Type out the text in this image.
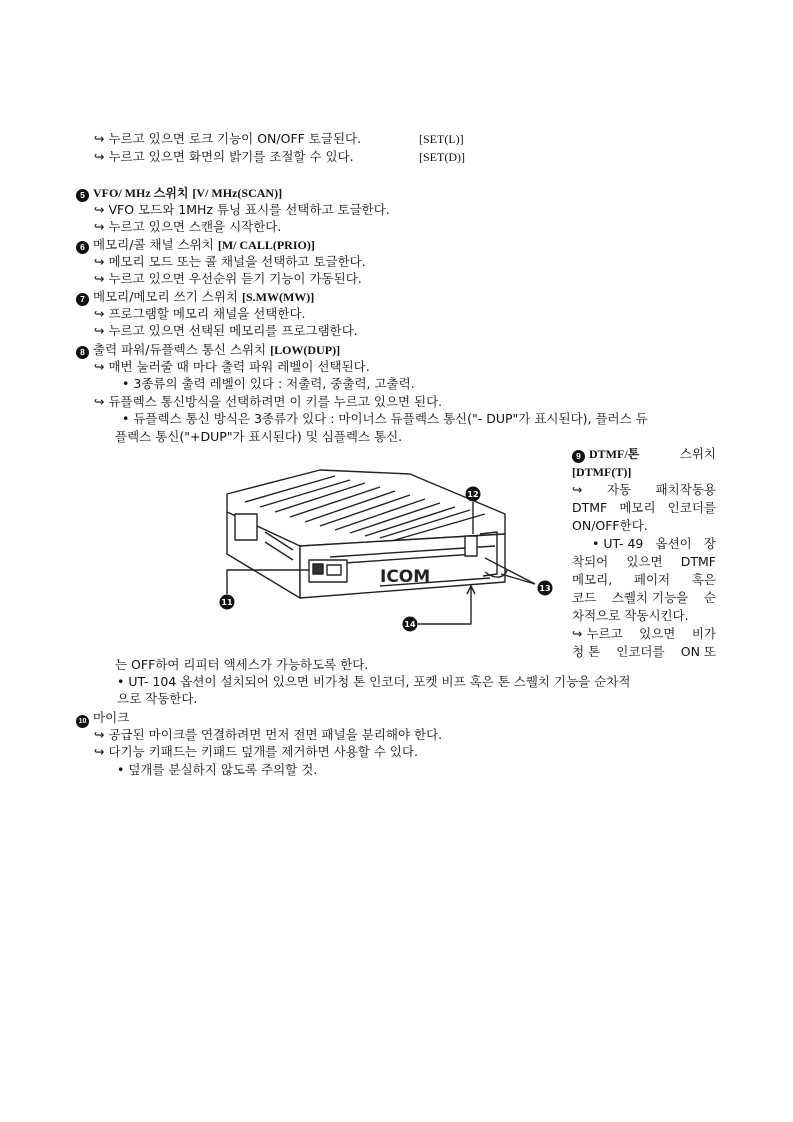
↪ 누르고 있으면 로크 기능이 ON/OFF 토글된다.	[SET(L)]
↪ 누르고 있으면 화면의 밝기를 조절할 수 있다.	[SET(D)]
5 VFO/ MHz 스위치 [V/ MHz(SCAN)]
↪ VFO 모드와 1MHz 튜닝 표시를 선택하고 토글한다.
↪ 누르고 있으면 스캔을 시작한다.
6 메모리/콜 채널 스위치 [M/ CALL(PRIO)]
↪ 메모리 모드 또는 콜 채널을 선택하고 토글한다.
↪ 누르고 있으면 우선순위 듣기 기능이 가동된다.
7 메모리/메모리 쓰기 스위치 [S.MW(MW)]
↪ 프로그램할 메모리 채널을 선택한다.
↪ 누르고 있으면 선택된 메모리를 프로그램한다.
8 출력 파워/듀플렉스 통신 스위치 [LOW(DUP)]
↪ 매번 눌러줄 때 마다 출력 파워 레벨이 선택된다.
• 3종류의 출력 레벨이 있다 : 저출력, 중출력, 고출력.
↪ 듀플렉스 통신방식을 선택하려면 이 키를 누르고 있으면 된다.
• 듀플렉스 통신 방식은 3종류가 있다 : 마이너스 듀플렉스 통신("- DUP"가 표시된다), 플러스 듀
플렉스 통신("+DUP"가 표시된다) 및 심플렉스 통신.
9 DTMF/톤	스위치
[DTMF(T)]
↪ 자동 패치작동용
DTMF 메모리 인코더를
ON/OFF한다.
• UT- 49 옵션이 장
착되어 있으면 DTMF
메모리, 페이저 혹은
코드 스퀠치 기능을 순
차적으로 작동시킨다.
↪ 누르고 있으면 비가
청 톤 인코더를 ON 또
ICOM
11
12
13
14
는 OFF하여 리피터 액세스가 가능하도록 한다.
• UT- 104 옵션이 설치되어 있으면 비가청 톤 인코더, 포켓 비프 혹은 톤 스퀠치 기능을 순차적
으로 작동한다.
10 마이크
↪ 공급된 마이크를 연결하려면 먼저 전면 패널을 분리해야 한다.
↪ 다기능 키패드는 키패드 덮개를 제거하면 사용할 수 있다.
• 덮개를 분실하지 않도록 주의할 것.
